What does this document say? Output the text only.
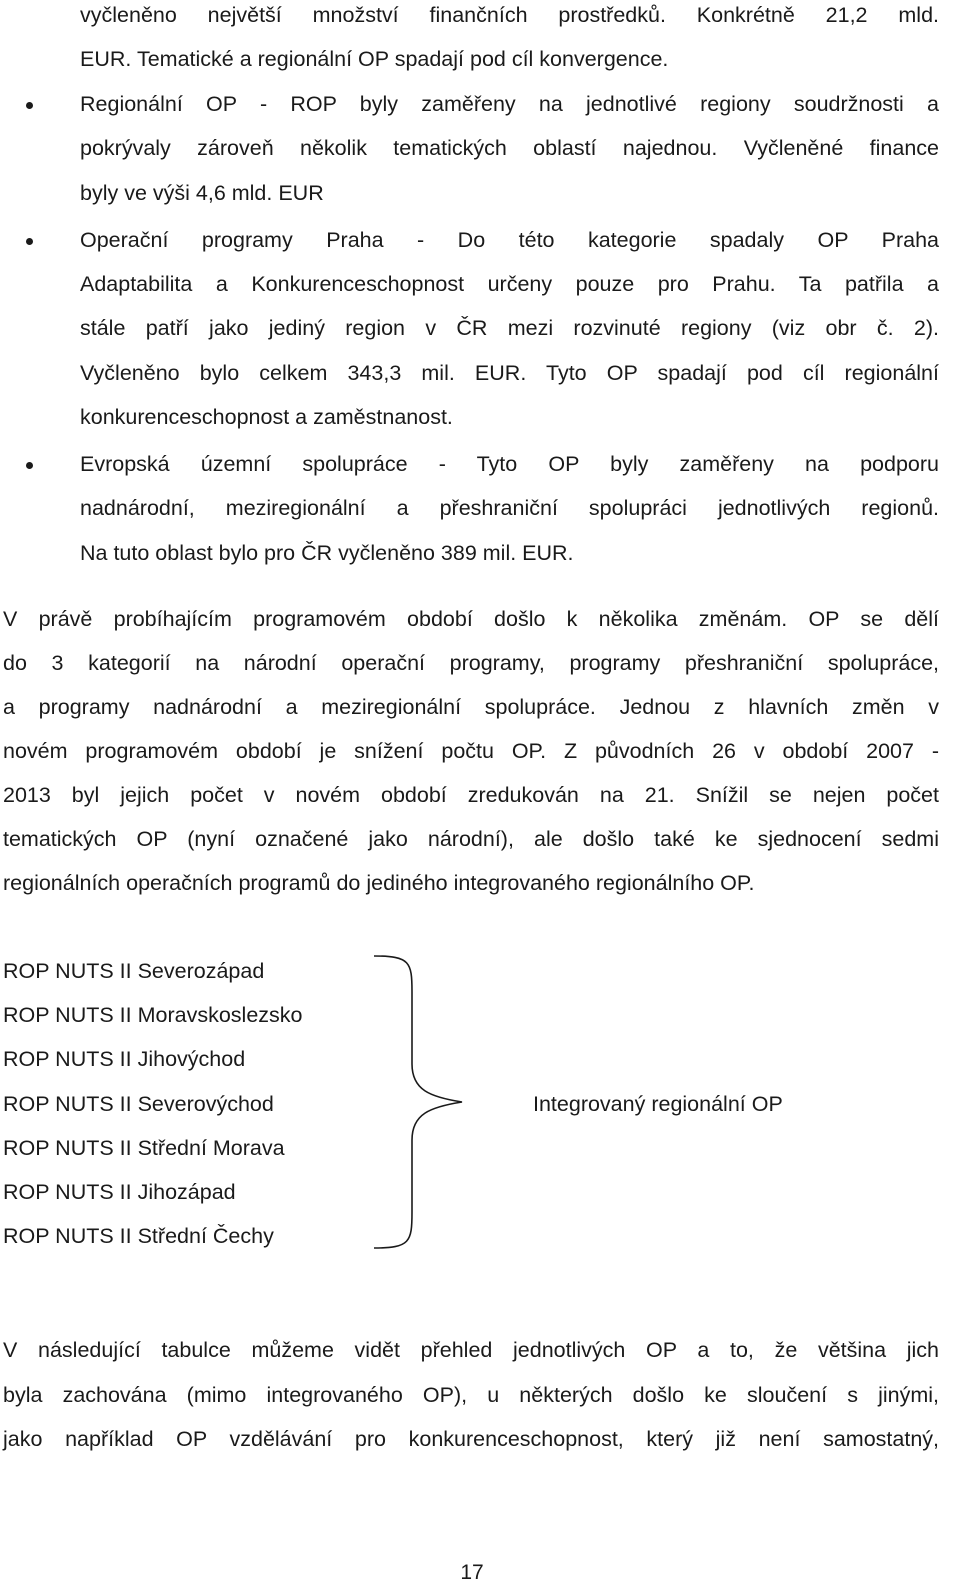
vyčleněno největší množství finančních prostředků. Konkrétně 21,2 mld.
EUR. Tematické a regionální OP spadají pod cíl konvergence.
Regionální OP - ROP byly zaměřeny na jednotlivé regiony soudržnosti a
pokrývaly zároveň několik tematických oblastí najednou. Vyčleněné finance
byly ve výši 4,6 mld. EUR
Operační programy Praha - Do této kategorie spadaly OP Praha
Adaptabilita a Konkurenceschopnost určeny pouze pro Prahu. Ta patřila a
stále patří jako jediný region v ČR mezi rozvinuté regiony (viz obr č. 2).
Vyčleněno bylo celkem 343,3 mil. EUR. Tyto OP spadají pod cíl regionální
konkurenceschopnost a zaměstnanost.
Evropská územní spolupráce - Tyto OP byly zaměřeny na podporu
nadnárodní, meziregionální a přeshraniční spolupráci jednotlivých regionů.
Na tuto oblast bylo pro ČR vyčleněno 389 mil. EUR.
V právě probíhajícím programovém období došlo k několika změnám. OP se dělí
do 3 kategorií na národní operační programy, programy přeshraniční spolupráce,
a programy nadnárodní a meziregionální spolupráce. Jednou z hlavních změn v
novém programovém období je snížení počtu OP. Z původních 26 v období 2007 -
2013 byl jejich počet v novém období zredukován na 21. Snížil se nejen počet
tematických OP (nyní označené jako národní), ale došlo také ke sjednocení sedmi
regionálních operačních programů do jediného integrovaného regionálního OP.
ROP NUTS II Severozápad
ROP NUTS II Moravskoslezsko
ROP NUTS II Jihovýchod
ROP NUTS II Severovýchod
ROP NUTS II Střední Morava
ROP NUTS II Jihozápad
ROP NUTS II Střední Čechy
Integrovaný regionální OP
V následující tabulce můžeme vidět přehled jednotlivých OP a to, že většina jich
byla zachována (mimo integrovaného OP), u některých došlo ke sloučení s jinými,
jako například OP vzdělávání pro konkurenceschopnost, který již není samostatný,
17
